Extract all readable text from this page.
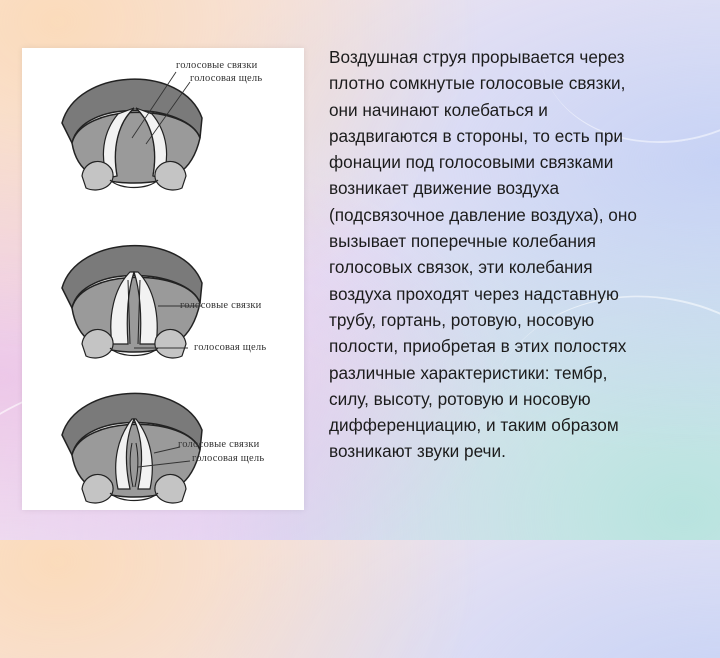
голосовые связки
голосовая щель
голосовые связки
голосовая щель
голосовые связки
голосовая щель

Воздушная струя прорывается через
плотно сомкнутые голосовые связки,
они начинают колебаться и
раздвигаются в стороны, то есть при
фонации под голосовыми связками
возникает движение воздуха
(подсвязочное давление воздуха), оно
вызывает поперечные колебания
голосовых связок, эти колебания
воздуха проходят через надставную
трубу, гортань, ротовую, носовую
полости, приобретая в этих полостях
различные характеристики: тембр,
силу, высоту, ротовую и носовую
дифференциацию, и таким образом
возникают звуки речи.
